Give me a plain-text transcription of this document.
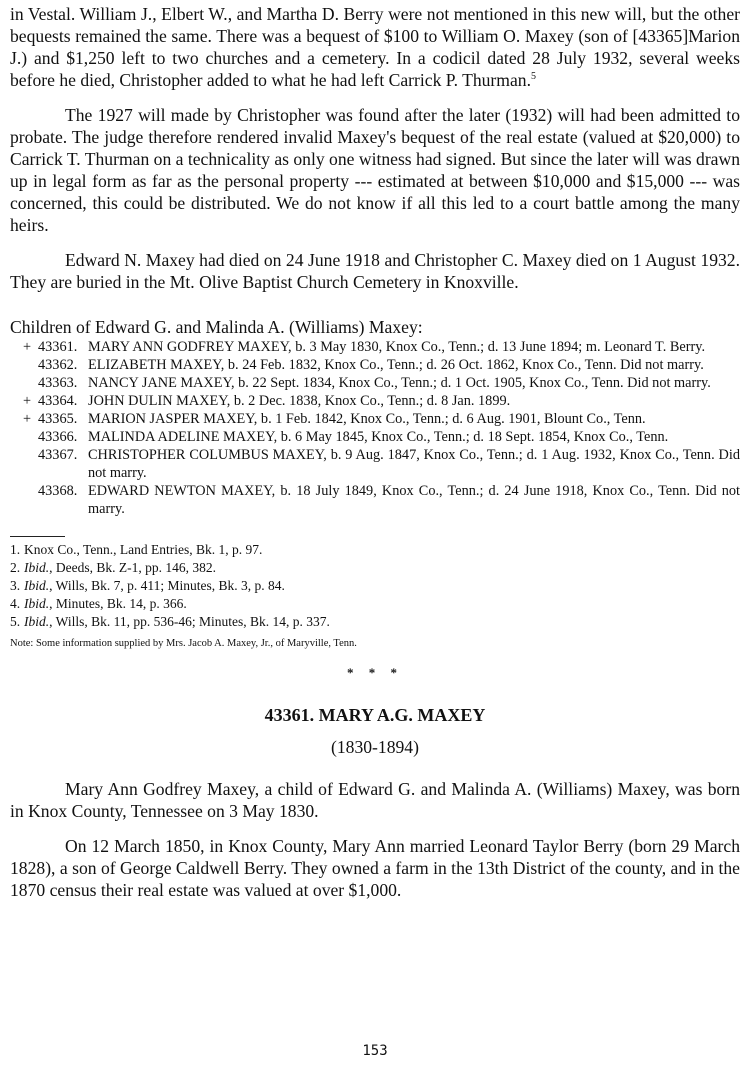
in Vestal. William J., Elbert W., and Martha D. Berry were not mentioned in this new will, but the other bequests remained the same. There was a bequest of $100 to William O. Maxey (son of [43365]Marion J.) and $1,250 left to two churches and a cemetery. In a codicil dated 28 July 1932, several weeks before he died, Christopher added to what he had left Carrick P. Thurman.$^5$

The 1927 will made by Christopher was found after the later (1932) will had been admitted to probate. The judge therefore rendered invalid Maxey's bequest of the real estate (valued at $20,000) to Carrick T. Thurman on a technicality as only one witness had signed. But since the later will was drawn up in legal form as far as the personal property --- estimated at between $10,000 and $15,000 --- was concerned, this could be distributed. We do not know if all this led to a court battle among the many heirs.

Edward N. Maxey had died on 24 June 1918 and Christopher C. Maxey died on 1 August 1932. They are buried in the Mt. Olive Baptist Church Cemetery in Knoxville.

Children of Edward G. and Malinda A. (Williams) Maxey:
+ 43361. MARY ANN GODFREY MAXEY, b. 3 May 1830, Knox Co., Tenn.; d. 13 June 1894; m. Leonard T. Berry.
43362. ELIZABETH MAXEY, b. 24 Feb. 1832, Knox Co., Tenn.; d. 26 Oct. 1862, Knox Co., Tenn. Did not marry.
43363. NANCY JANE MAXEY, b. 22 Sept. 1834, Knox Co., Tenn.; d. 1 Oct. 1905, Knox Co., Tenn. Did not marry.
+ 43364. JOHN DULIN MAXEY, b. 2 Dec. 1838, Knox Co., Tenn.; d. 8 Jan. 1899.
+ 43365. MARION JASPER MAXEY, b. 1 Feb. 1842, Knox Co., Tenn.; d. 6 Aug. 1901, Blount Co., Tenn.
43366. MALINDA ADELINE MAXEY, b. 6 May 1845, Knox Co., Tenn.; d. 18 Sept. 1854, Knox Co., Tenn.
43367. CHRISTOPHER COLUMBUS MAXEY, b. 9 Aug. 1847, Knox Co., Tenn.; d. 1 Aug. 1932, Knox Co., Tenn. Did not marry.
43368. EDWARD NEWTON MAXEY, b. 18 July 1849, Knox Co., Tenn.; d. 24 June 1918, Knox Co., Tenn. Did not marry.
1. Knox Co., Tenn., Land Entries, Bk. 1, p. 97.
2. Ibid., Deeds, Bk. Z-1, pp. 146, 382.
3. Ibid., Wills, Bk. 7, p. 411; Minutes, Bk. 3, p. 84.
4. Ibid., Minutes, Bk. 14, p. 366.
5. Ibid., Wills, Bk. 11, pp. 536-46; Minutes, Bk. 14, p. 337.
Note: Some information supplied by Mrs. Jacob A. Maxey, Jr., of Maryville, Tenn.
* * *
43361. MARY A.G. MAXEY
(1830-1894)

Mary Ann Godfrey Maxey, a child of Edward G. and Malinda A. (Williams) Maxey, was born in Knox County, Tennessee on 3 May 1830.

On 12 March 1850, in Knox County, Mary Ann married Leonard Taylor Berry (born 29 March 1828), a son of George Caldwell Berry. They owned a farm in the 13th District of the county, and in the 1870 census their real estate was valued at over $1,000.

153
